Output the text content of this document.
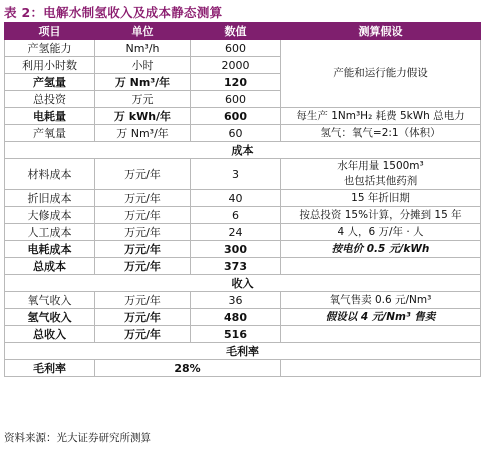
表 2：电解水制氢收入及成本静态测算
项目	单位	数值	测算假设
产氢能力	Nm³/h	600	产能和运行能力假设
利用小时数	小时	2000	
产氢量	万 Nm³/年	120	
总投资	万元	600	
电耗量	万 kWh/年	600	每生产 1Nm³H₂ 耗费 5kWh 总电力
产氧量	万 Nm³/年	60	氢气：氧气=2:1（体积）
成本			
材料成本	万元/年	3	水年用量 1500m³
也包括其他药剂

折旧成本	万元/年	40	15 年折旧期
大修成本	万元/年	6	按总投资 15%计算，分摊到 15 年
人工成本	万元/年	24	4 人，6 万/年 · 人
电耗成本	万元/年	300	按电价 0.5 元/kWh
总成本	万元/年	373	
收入			
氧气收入	万元/年	36	氧气售卖 0.6 元/Nm³
氢气收入	万元/年	480	假设以 4 元/Nm³ 售卖
总收入	万元/年	516	
毛利率			
毛利率	28%		
资料来源：光大证券研究所测算
